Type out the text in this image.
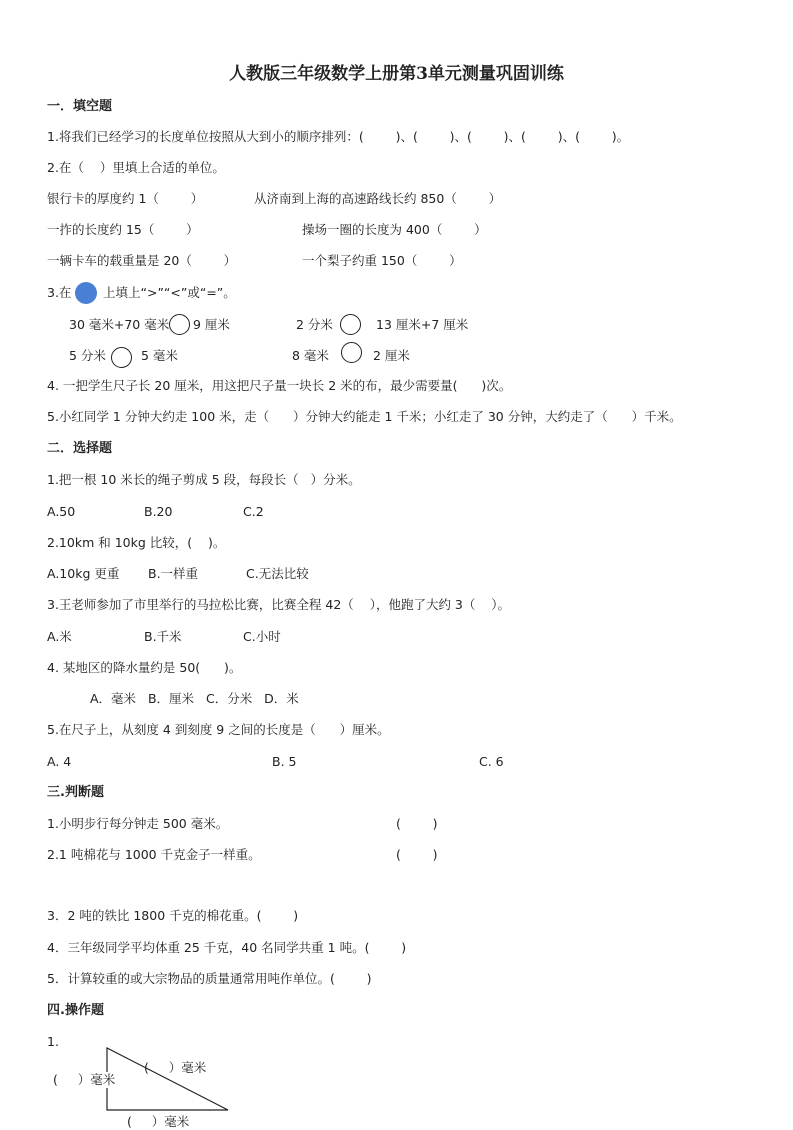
人教版三年级数学上册第3单元测量巩固训练
一．填空题
1.将我们已经学习的长度单位按照从大到小的顺序排列：(        )、(        )、(        )、(        )、(        )。
2.在（    ）里填上合适的单位。
银行卡的厚度约 1（        ）	从济南到上海的高速路线长约 850（        ）
一拃的长度约 15（        ）	操场一圈的长度为 400（        ）
一辆卡车的载重量是 20（        ）	一个梨子约重 150（        ）
3.在	上填上“>”“<”或“=”。
30 毫米+70 毫米 9 厘米	2 分米	13 厘米+7 厘米
5 分米	5 毫米	8 毫米	2 厘米
4. 一把学生尺子长 20 厘米，用这把尺子量一块长 2 米的布，最少需要量(      )次。
5.小红同学 1 分钟大约走 100 米，走（      ）分钟大约能走 1 千米；小红走了 30 分钟，大约走了（      ）千米。
二．选择题
1.把一根 10 米长的绳子剪成 5 段，每段长（   ）分米。
A.50	B.20	C.2
2.10km 和 10kg 比较，(    )。
A.10kg 更重 B.一样重	C.无法比较
3.王老师参加了市里举行的马拉松比赛，比赛全程 42（    ），他跑了大约 3（    ）。
A.米	B.千米	C.小时
4. 某地区的降水量约是 50(      )。
A．毫米   B．厘米   C．分米   D．米
5.在尺子上，从刻度 4 到刻度 9 之间的长度是（      ）厘米。
A. 4	B. 5	C. 6
三.判断题
1.小明步行每分钟走 500 毫米。	(        )
2.1 吨棉花与 1000 千克金子一样重。	(        )
3．2 吨的铁比 1800 千克的棉花重。(        )
4．三年级同学平均体重 25 千克，40 名同学共重 1 吨。(        )
5．计算较重的或大宗物品的质量通常用吨作单位。(        )
四.操作题
1.
(     ）毫米
(     ）毫米
(     ）毫米
